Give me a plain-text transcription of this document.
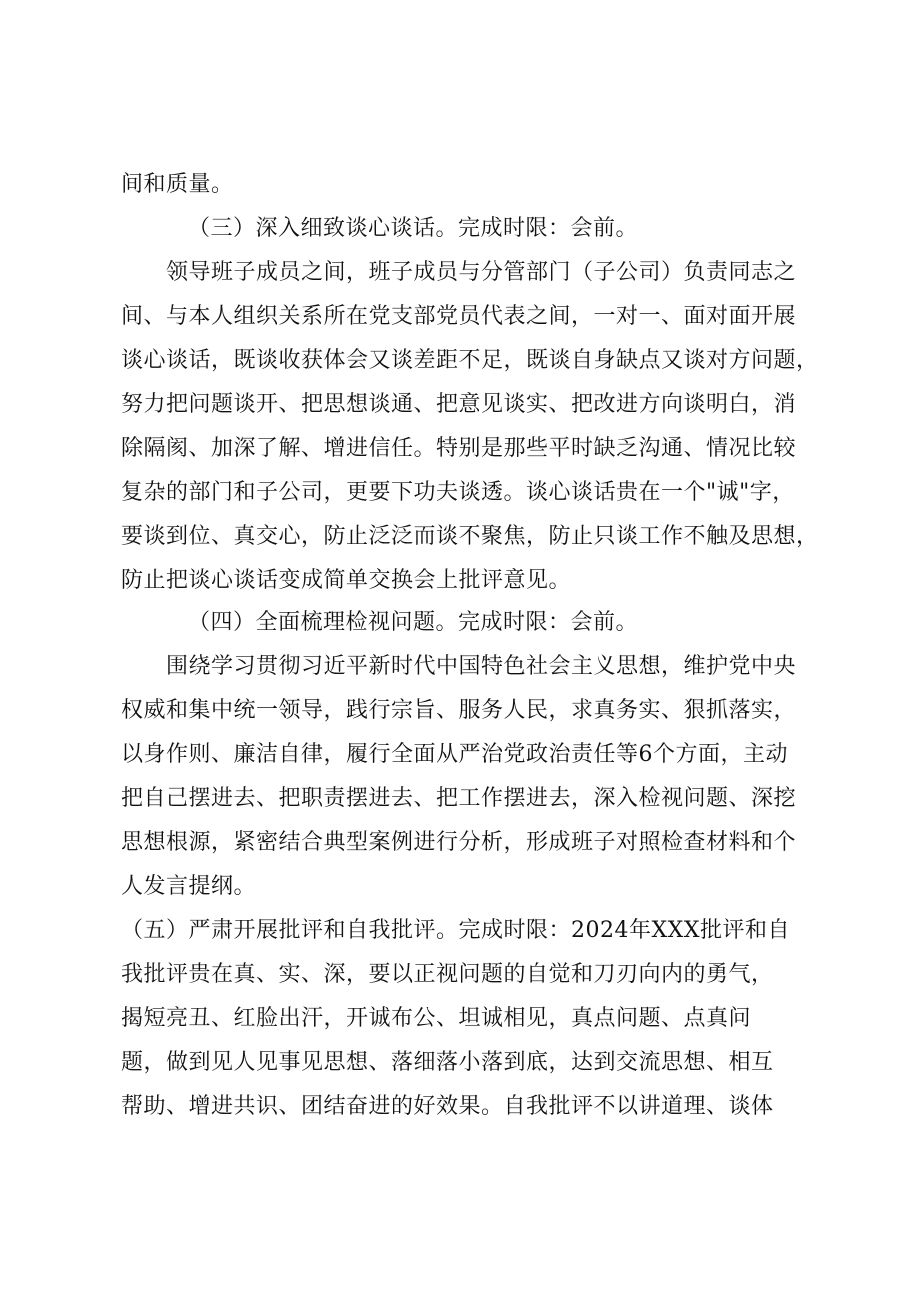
间和质量。
（三）深入细致谈心谈话。完成时限：会前。
领导班子成员之间，班子成员与分管部门（子公司）负责同志之
间、与本人组织关系所在党支部党员代表之间，一对一、面对面开展
谈心谈话，既谈收获体会又谈差距不足，既谈自身缺点又谈对方问题，
努力把问题谈开、把思想谈通、把意见谈实、把改进方向谈明白，消
除隔阂、加深了解、增进信任。特别是那些平时缺乏沟通、情况比较
复杂的部门和子公司，更要下功夫谈透。谈心谈话贵在一个"诚"字，
要谈到位、真交心，防止泛泛而谈不聚焦，防止只谈工作不触及思想，
防止把谈心谈话变成简单交换会上批评意见。
（四）全面梳理检视问题。完成时限：会前。
围绕学习贯彻习近平新时代中国特色社会主义思想，维护党中央
权威和集中统一领导，践行宗旨、服务人民，求真务实、狠抓落实，
以身作则、廉洁自律，履行全面从严治党政治责任等6个方面，主动
把自己摆进去、把职责摆进去、把工作摆进去，深入检视问题、深挖
思想根源，紧密结合典型案例进行分析，形成班子对照检查材料和个
人发言提纲。
（五）严肃开展批评和自我批评。完成时限：2024年XXX批评和自
我批评贵在真、实、深，要以正视问题的自觉和刀刃向内的勇气，
揭短亮丑、红脸出汗，开诚布公、坦诚相见，真点问题、点真问
题，做到见人见事见思想、落细落小落到底，达到交流思想、相互
帮助、增进共识、团结奋进的好效果。自我批评不以讲道理、谈体
